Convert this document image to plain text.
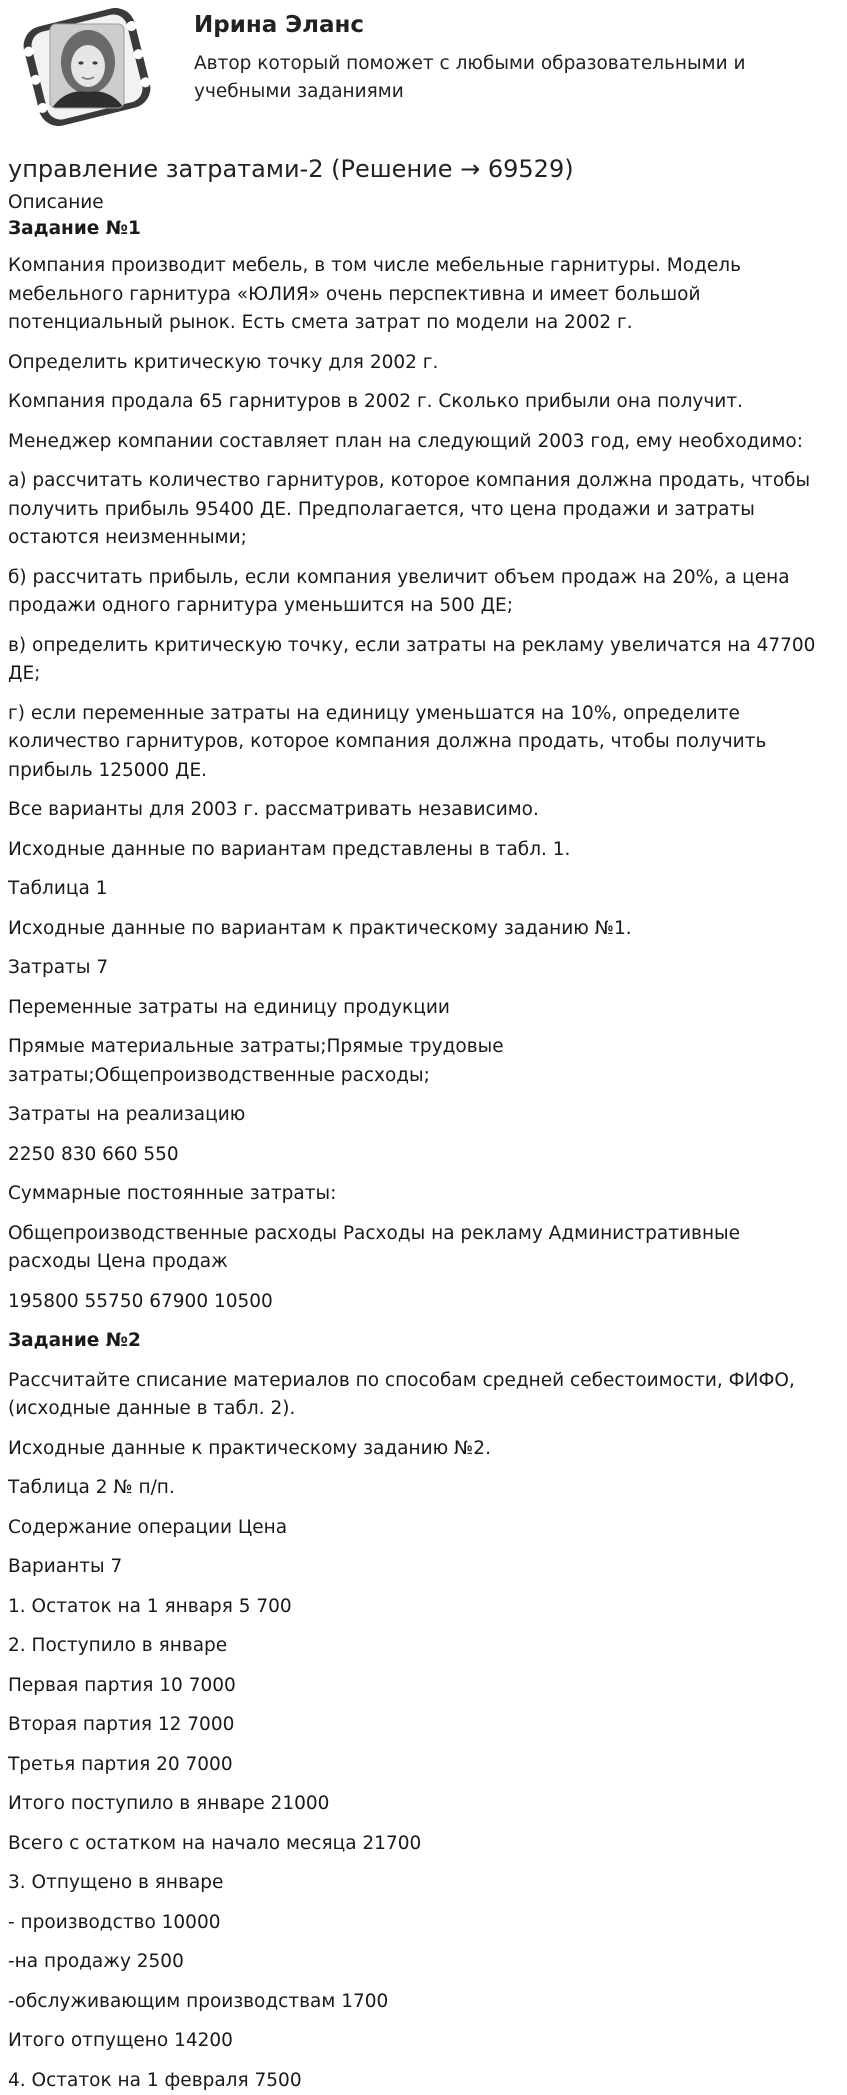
Ирина Эланс

Автор который поможет с любыми образовательными и
учебными заданиями

управление затратами-2 (Решение → 69529)
Описание

Задание №1

Компания производит мебель, в том числе мебельные гарнитуры. Модель
мебельного гарнитура «ЮЛИЯ» очень перспективна и имеет большой
потенциальный рынок. Есть смета затрат по модели на 2002 г.

Определить критическую точку для 2002 г.

Компания продала 65 гарнитуров в 2002 г. Сколько прибыли она получит.

Менеджер компании составляет план на следующий 2003 год, ему необходимо:

а) рассчитать количество гарнитуров, которое компания должна продать, чтобы
получить прибыль 95400 ДЕ. Предполагается, что цена продажи и затраты
остаются неизменными;

б) рассчитать прибыль, если компания увеличит объем продаж на 20%, а цена
продажи одного гарнитура уменьшится на 500 ДЕ;

в) определить критическую точку, если затраты на рекламу увеличатся на 47700
ДЕ;

г) если переменные затраты на единицу уменьшатся на 10%, определите
количество гарнитуров, которое компания должна продать, чтобы получить
прибыль 125000 ДЕ.

Все варианты для 2003 г. рассматривать независимо.

Исходные данные по вариантам представлены в табл. 1.

Таблица 1

Исходные данные по вариантам к практическому заданию №1.

Затраты 7

Переменные затраты на единицу продукции

Прямые материальные затраты;Прямые трудовые
затраты;Общепроизводственные расходы;

Затраты на реализацию

2250 830 660 550

Суммарные постоянные затраты:

Общепроизводственные расходы Расходы на рекламу Административные
расходы Цена продаж

195800 55750 67900 10500

Задание №2

Рассчитайте списание материалов по способам средней себестоимости, ФИФО,
(исходные данные в табл. 2).

Исходные данные к практическому заданию №2.

Таблица 2 № п/п.

Содержание операции Цена

Варианты 7

1. Остаток на 1 января 5 700

2. Поступило в январе

Первая партия 10 7000

Вторая партия 12 7000

Третья партия 20 7000

Итого поступило в январе 21000

Всего с остатком на начало месяца 21700

3. Отпущено в январе

- производство 10000

-на продажу 2500

-обслуживающим производствам 1700

Итого отпущено 14200

4. Остаток на 1 февраля 7500
